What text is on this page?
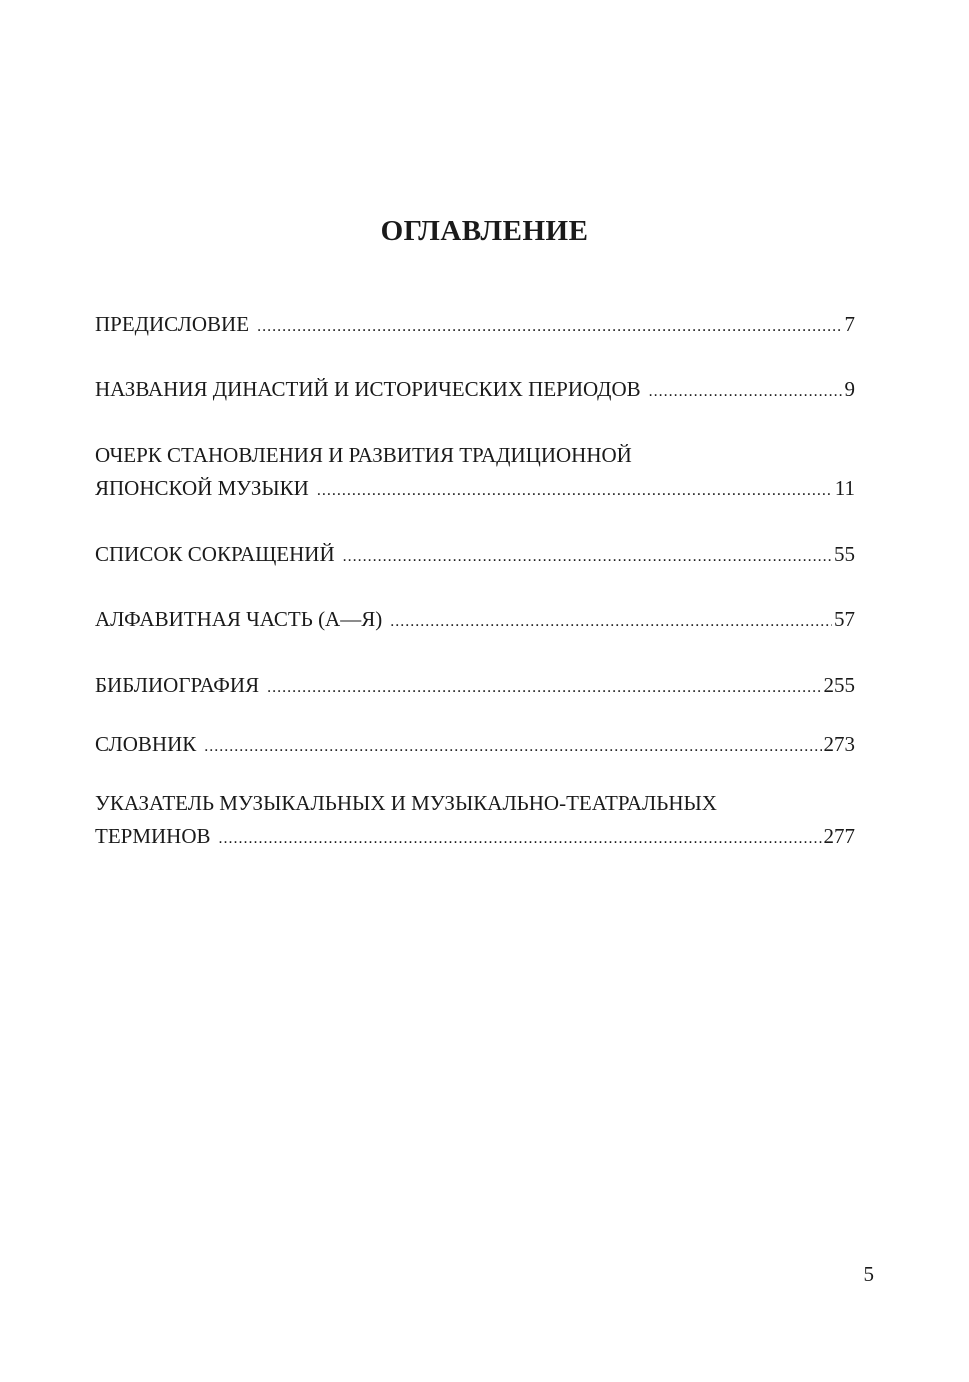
ОГЛАВЛЕНИЕ
ПРЕДИСЛОВИЕ .....	7
НАЗВАНИЯ ДИНАСТИЙ И ИСТОРИЧЕСКИХ ПЕРИОДОВ .....	9
ОЧЕРК СТАНОВЛЕНИЯ И РАЗВИТИЯ ТРАДИЦИОННОЙ
ЯПОНСКОЙ МУЗЫКИ .....	11
СПИСОК СОКРАЩЕНИЙ .....	55
АЛФАВИТНАЯ ЧАСТЬ (А—Я) .....	57
БИБЛИОГРАФИЯ .....	255
СЛОВНИК .....	273
УКАЗАТЕЛЬ МУЗЫКАЛЬНЫХ И МУЗЫКАЛЬНО-ТЕАТРАЛЬНЫХ
ТЕРМИНОВ .....	277
5
